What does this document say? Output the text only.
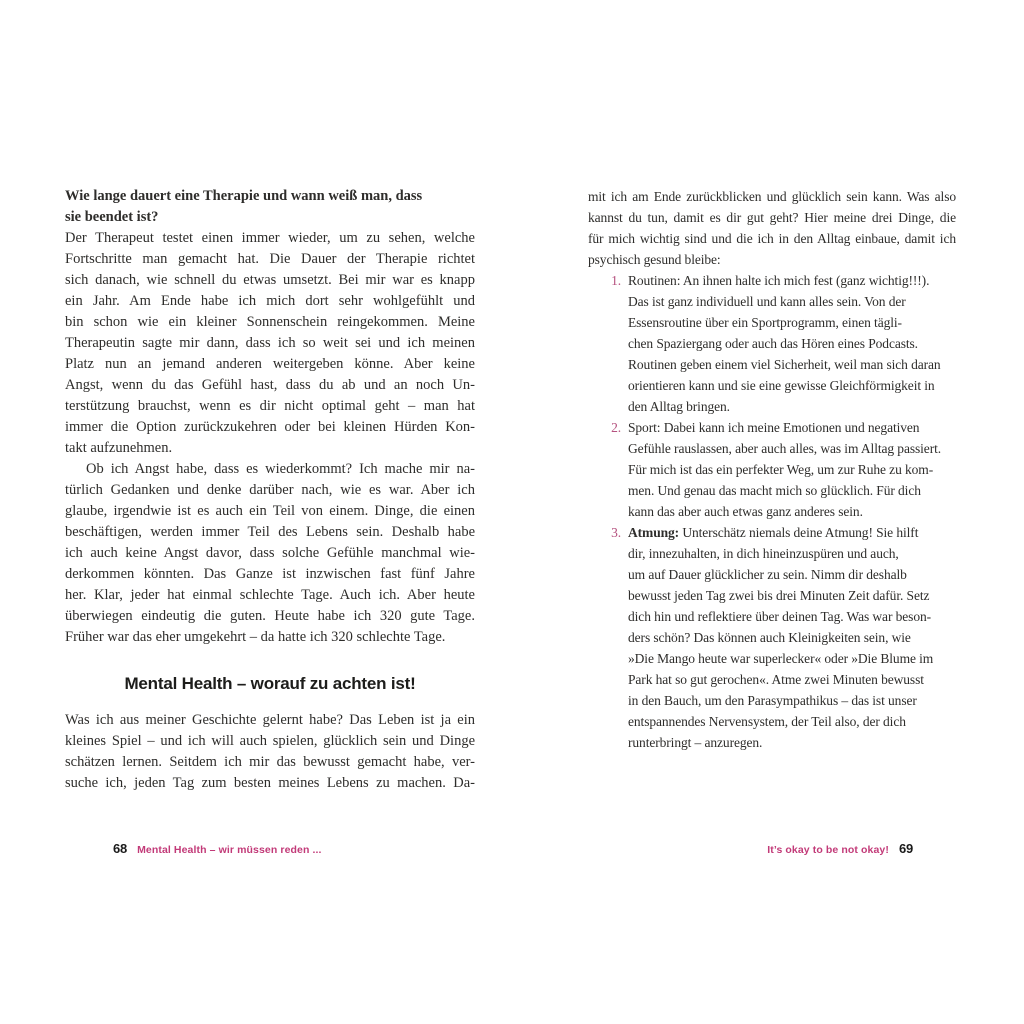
Wie lange dauert eine Therapie und wann weiß man, dass
sie beendet ist?
Der Therapeut testet einen immer wieder, um zu sehen, welche
Fortschritte man gemacht hat. Die Dauer der Therapie richtet
sich danach, wie schnell du etwas umsetzt. Bei mir war es knapp
ein Jahr. Am Ende habe ich mich dort sehr wohlgefühlt und
bin schon wie ein kleiner Sonnenschein reingekommen. Meine
Therapeutin sagte mir dann, dass ich so weit sei und ich meinen
Platz nun an jemand anderen weitergeben könne. Aber keine
Angst, wenn du das Gefühl hast, dass du ab und an noch Un-
terstützung brauchst, wenn es dir nicht optimal geht – man hat
immer die Option zurückzukehren oder bei kleinen Hürden Kon-
takt aufzunehmen.
Ob ich Angst habe, dass es wiederkommt? Ich mache mir na-
türlich Gedanken und denke darüber nach, wie es war. Aber ich
glaube, irgendwie ist es auch ein Teil von einem. Dinge, die einen
beschäftigen, werden immer Teil des Lebens sein. Deshalb habe
ich auch keine Angst davor, dass solche Gefühle manchmal wie-
derkommen könnten. Das Ganze ist inzwischen fast fünf Jahre
her. Klar, jeder hat einmal schlechte Tage. Auch ich. Aber heute
überwiegen eindeutig die guten. Heute habe ich 320 gute Tage.
Früher war das eher umgekehrt – da hatte ich 320 schlechte Tage.
Mental Health – worauf zu achten ist!
Was ich aus meiner Geschichte gelernt habe? Das Leben ist ja ein
kleines Spiel – und ich will auch spielen, glücklich sein und Dinge
schätzen lernen. Seitdem ich mir das bewusst gemacht habe, ver-
suche ich, jeden Tag zum besten meines Lebens zu machen. Da-
mit ich am Ende zurückblicken und glücklich sein kann. Was also
kannst du tun, damit es dir gut geht? Hier meine drei Dinge, die
für mich wichtig sind und die ich in den Alltag einbaue, damit ich
psychisch gesund bleibe:
1. Routinen: An ihnen halte ich mich fest (ganz wichtig!!!).
Das ist ganz individuell und kann alles sein. Von der
Essensroutine über ein Sportprogramm, einen tägli-
chen Spaziergang oder auch das Hören eines Podcasts.
Routinen geben einem viel Sicherheit, weil man sich daran
orientieren kann und sie eine gewisse Gleichförmigkeit in
den Alltag bringen.
2. Sport: Dabei kann ich meine Emotionen und negativen
Gefühle rauslassen, aber auch alles, was im Alltag passiert.
Für mich ist das ein perfekter Weg, um zur Ruhe zu kom-
men. Und genau das macht mich so glücklich. Für dich
kann das aber auch etwas ganz anderes sein.
3. Atmung: Unterschätz niemals deine Atmung! Sie hilft
dir, innezuhalten, in dich hineinzuspüren und auch,
um auf Dauer glücklicher zu sein. Nimm dir deshalb
bewusst jeden Tag zwei bis drei Minuten Zeit dafür. Setz
dich hin und reflektiere über deinen Tag. Was war beson-
ders schön? Das können auch Kleinigkeiten sein, wie
»Die Mango heute war superlecker« oder »Die Blume im
Park hat so gut gerochen«. Atme zwei Minuten bewusst
in den Bauch, um den Parasympathikus – das ist unser
entspannendes Nervensystem, der Teil also, der dich
runterbringt – anzuregen.
68 Mental Health – wir müssen reden ...	It’s okay to be not okay! 69
